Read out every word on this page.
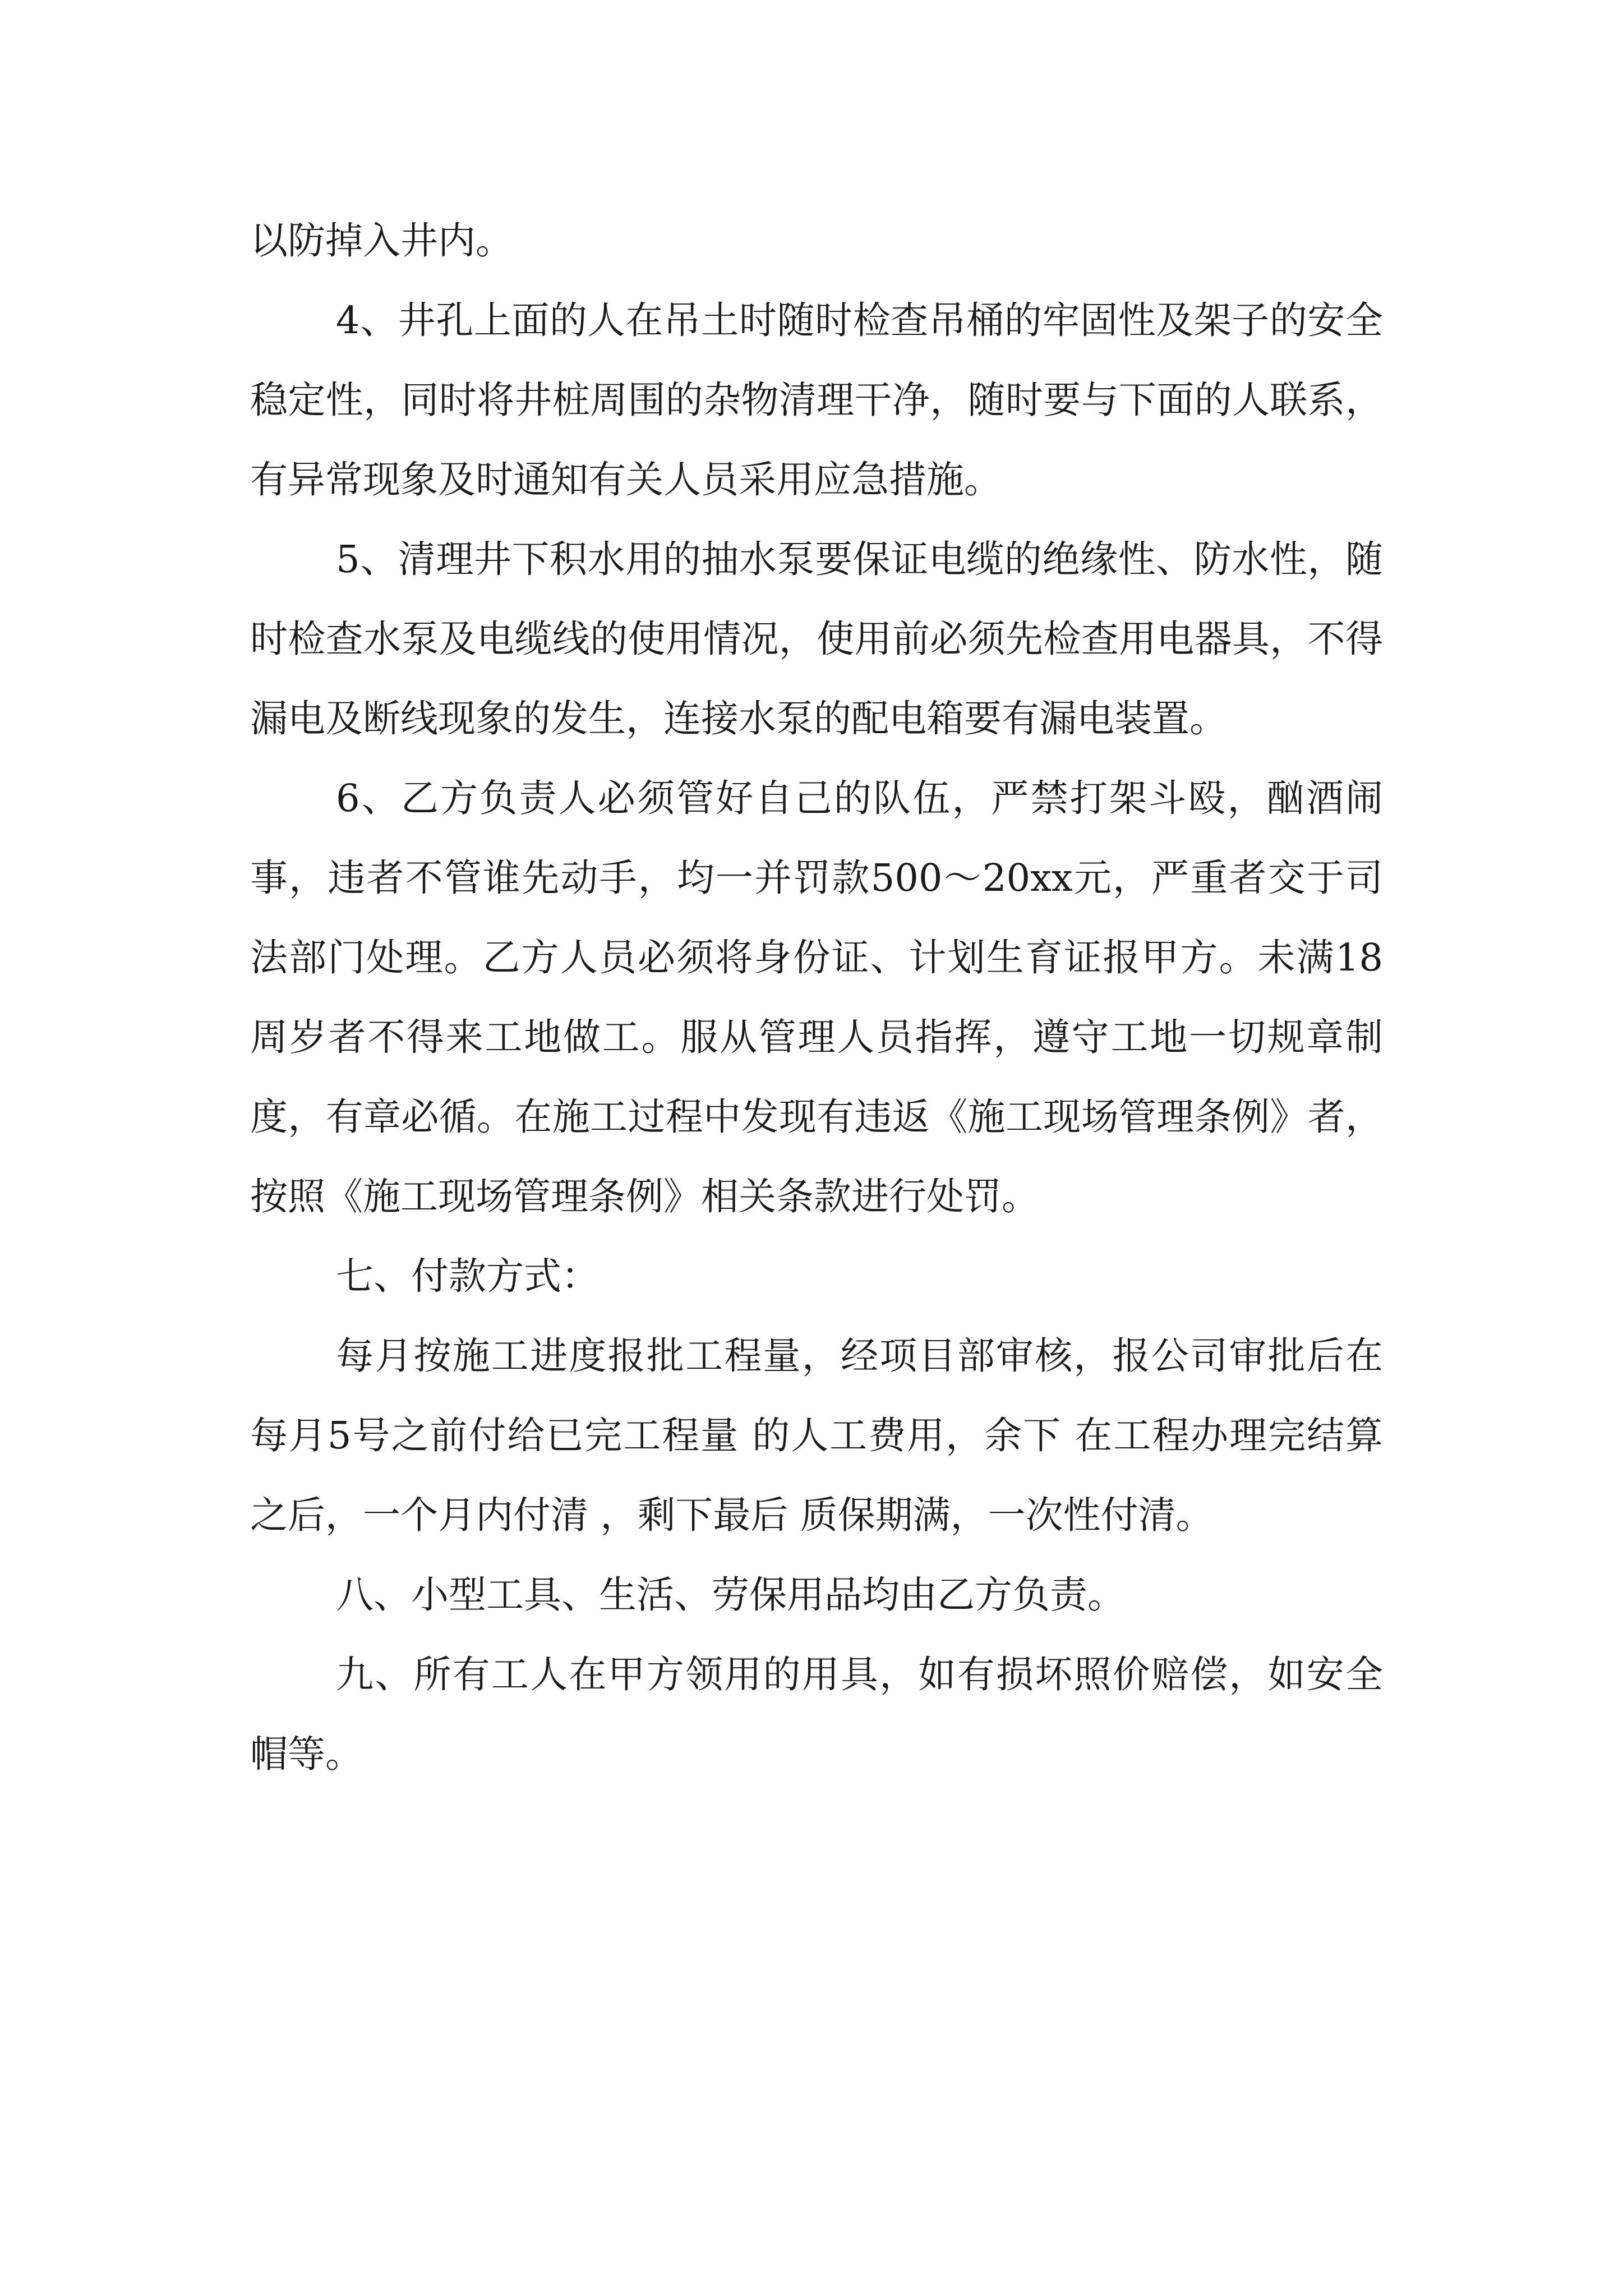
以防掉入井内。

4、井孔上面的人在吊土时随时检查吊桶的牢固性及架子的安全稳定性，同时将井桩周围的杂物清理干净，随时要与下面的人联系，有异常现象及时通知有关人员采用应急措施。

5、清理井下积水用的抽水泵要保证电缆的绝缘性、防水性，随时检查水泵及电缆线的使用情况，使用前必须先检查用电器具，不得漏电及断线现象的发生，连接水泵的配电箱要有漏电装置。

6、乙方负责人必须管好自己的队伍，严禁打架斗殴，酗酒闹事，违者不管谁先动手，均一并罚款500～20xx元，严重者交于司法部门处理。乙方人员必须将身份证、计划生育证报甲方。未满18周岁者不得来工地做工。服从管理人员指挥，遵守工地一切规章制度，有章必循。在施工过程中发现有违返《施工现场管理条例》者，按照《施工现场管理条例》相关条款进行处罚。

七、付款方式：

每月按施工进度报批工程量，经项目部审核，报公司审批后在每月5号之前付给已完工程量 的人工费用，余下 在工程办理完结算之后，一个月内付清 ，剩下最后 质保期满，一次性付清。

八、小型工具、生活、劳保用品均由乙方负责。

九、所有工人在甲方领用的用具，如有损坏照价赔偿，如安全帽等。
